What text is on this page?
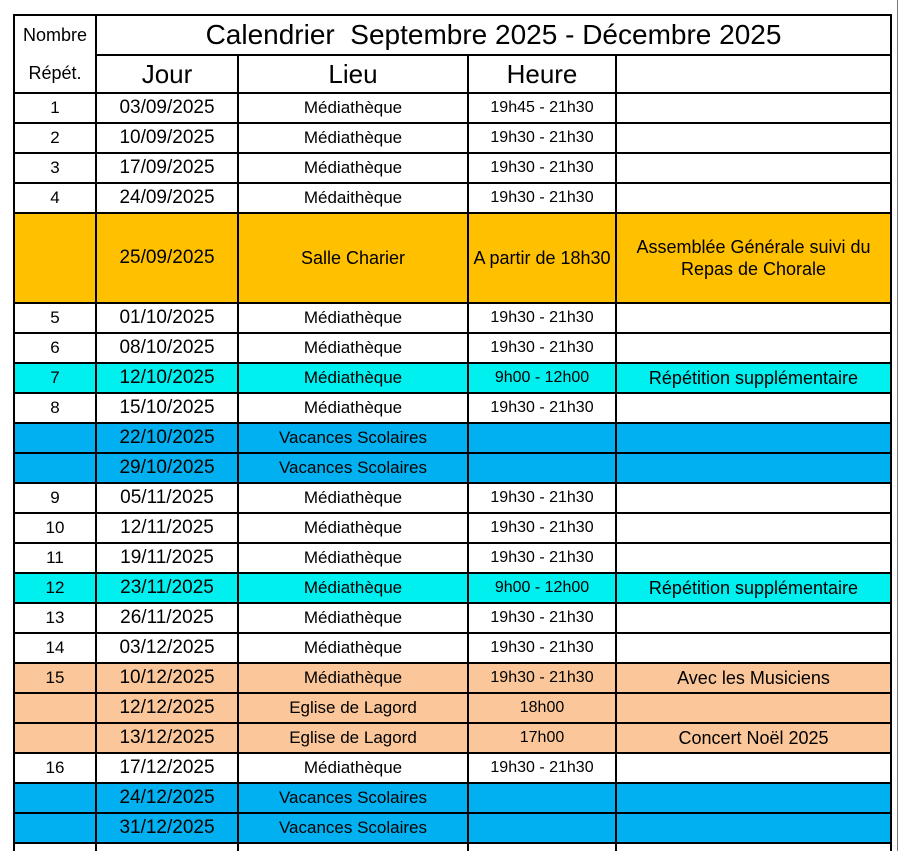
Nombre
Répét.	Calendrier  Septembre 2025 - Décembre 2025			
	Jour	Lieu	Heure	
1	03/09/2025	Médiathèque	19h45 - 21h30	
2	10/09/2025	Médiathèque	19h30 - 21h30	
3	17/09/2025	Médiathèque	19h30 - 21h30	
4	24/09/2025	Médaithèque	19h30 - 21h30	
	25/09/2025	Salle Charier	A partir de 18h30	Assemblée Générale suivi du Repas de Chorale
5	01/10/2025	Médiathèque	19h30 - 21h30	
6	08/10/2025	Médiathèque	19h30 - 21h30	
7	12/10/2025	Médiathèque	9h00 - 12h00	Répétition supplémentaire
8	15/10/2025	Médiathèque	19h30 - 21h30	
	22/10/2025	Vacances Scolaires		
	29/10/2025	Vacances Scolaires		
9	05/11/2025	Médiathèque	19h30 - 21h30	
10	12/11/2025	Médiathèque	19h30 - 21h30	
11	19/11/2025	Médiathèque	19h30 - 21h30	
12	23/11/2025	Médiathèque	9h00 - 12h00	Répétition supplémentaire
13	26/11/2025	Médiathèque	19h30 - 21h30	
14	03/12/2025	Médiathèque	19h30 - 21h30	
15	10/12/2025	Médiathèque	19h30 - 21h30	Avec les Musiciens
	12/12/2025	Eglise de Lagord	18h00	
	13/12/2025	Eglise de Lagord	17h00	Concert Noël 2025
16	17/12/2025	Médiathèque	19h30 - 21h30	
	24/12/2025	Vacances Scolaires		
	31/12/2025	Vacances Scolaires		
